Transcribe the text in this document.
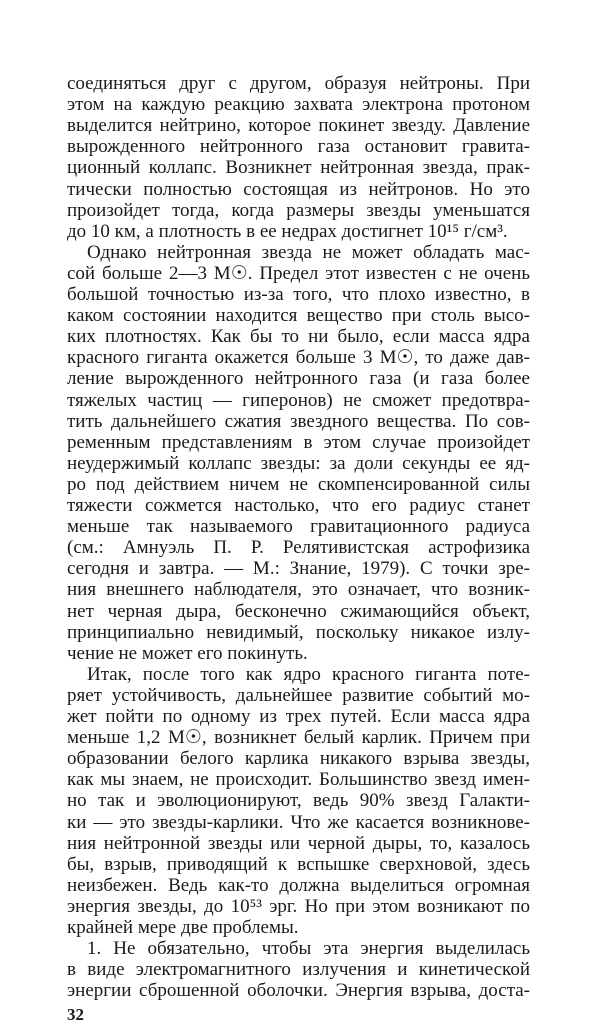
соединяться друг с другом, образуя нейтроны. При
этом на каждую реакцию захвата электрона протоном
выделится нейтрино, которое покинет звезду. Давление
вырожденного нейтронного газа остановит гравита-
ционный коллапс. Возникнет нейтронная звезда, прак-
тически полностью состоящая из нейтронов. Но это
произойдет тогда, когда размеры звезды уменьшатся
до 10 км, а плотность в ее недрах достигнет 10¹⁵ г/см³.
Однако нейтронная звезда не может обладать мас-
сой больше 2—3 M☉. Предел этот известен с не очень
большой точностью из-за того, что плохо известно, в
каком состоянии находится вещество при столь высо-
ких плотностях. Как бы то ни было, если масса ядра
красного гиганта окажется больше 3 M☉, то даже дав-
ление вырожденного нейтронного газа (и газа более
тяжелых частиц — гиперонов) не сможет предотвра-
тить дальнейшего сжатия звездного вещества. По сов-
ременным представлениям в этом случае произойдет
неудержимый коллапс звезды: за доли секунды ее яд-
ро под действием ничем не скомпенсированной силы
тяжести сожмется настолько, что его радиус станет
меньше так называемого гравитационного радиуса
(см.: Амнуэль П. Р. Релятивистская астрофизика
сегодня и завтра. — М.: Знание, 1979). С точки зре-
ния внешнего наблюдателя, это означает, что возник-
нет черная дыра, бесконечно сжимающийся объект,
принципиально невидимый, поскольку никакое излу-
чение не может его покинуть.
Итак, после того как ядро красного гиганта поте-
ряет устойчивость, дальнейшее развитие событий мо-
жет пойти по одному из трех путей. Если масса ядра
меньше 1,2 M☉, возникнет белый карлик. Причем при
образовании белого карлика никакого взрыва звезды,
как мы знаем, не происходит. Большинство звезд имен-
но так и эволюционируют, ведь 90% звезд Галакти-
ки — это звезды-карлики. Что же касается возникнове-
ния нейтронной звезды или черной дыры, то, казалось
бы, взрыв, приводящий к вспышке сверхновой, здесь
неизбежен. Ведь как-то должна выделиться огромная
энергия звезды, до 10⁵³ эрг. Но при этом возникают по
крайней мере две проблемы.
1. Не обязательно, чтобы эта энергия выделилась
в виде электромагнитного излучения и кинетической
энергии сброшенной оболочки. Энергия взрыва, доста-
32
